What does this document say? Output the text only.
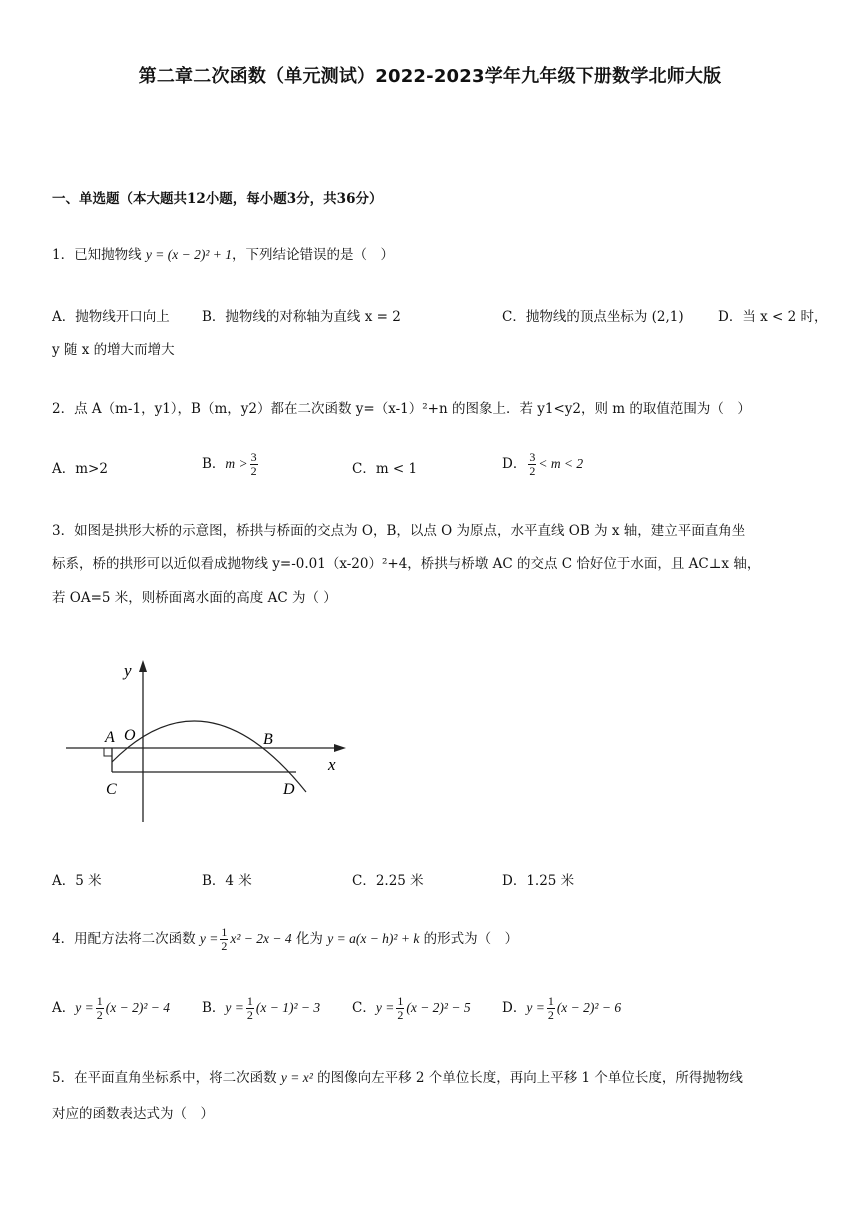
第二章二次函数（单元测试）2022-2023学年九年级下册数学北师大版
一、单选题（本大题共12小题，每小题3分，共36分）
1．已知抛物线 y = (x − 2)² + 1，下列结论错误的是（　）
A．抛物线开口向上 B．抛物线的对称轴为直线 x = 2	C．抛物线的顶点坐标为 (2,1)	D．当 x < 2 时，
y 随 x 的增大而增大
2．点 A（m-1，y1），B（m，y2）都在二次函数 y=（x-1）²+n 的图象上．若 y1<y2，则 m 的取值范围为（　）
A．m>2	B．$m > \frac{3}{2}$	C．m < 1	D． $\frac{3}{2} < m < 2$
3．如图是拱形大桥的示意图，桥拱与桥面的交点为 O，B，以点 O 为原点，水平直线 OB 为 x 轴，建立平面直角坐
标系，桥的拱形可以近似看成抛物线 y=-0.01（x-20）²+4，桥拱与桥墩 AC 的交点 C 恰好位于水面，且 AC⊥x 轴，
若 OA=5 米，则桥面离水面的高度 AC 为（ ）
y
x
A O	B
C	D
A．5 米	B．4 米	C．2.25 米	D．1.25 米
4．用配方法将二次函数 $y = \frac{1}{2} x^2 - 2x - 4$ 化为 y = a(x − h)² + k 的形式为（　）
A．$y = \frac{1}{2} (x - 2)^2 - 4$ B．$y = \frac{1}{2} (x - 1)^2 - 3$ C．$y = \frac{1}{2} (x - 2)^2 - 5$ D．$y = \frac{1}{2} (x - 2)^2 - 6$
5．在平面直角坐标系中，将二次函数 y = x² 的图像向左平移 2 个单位长度，再向上平移 1 个单位长度，所得抛物线
对应的函数表达式为（　）
